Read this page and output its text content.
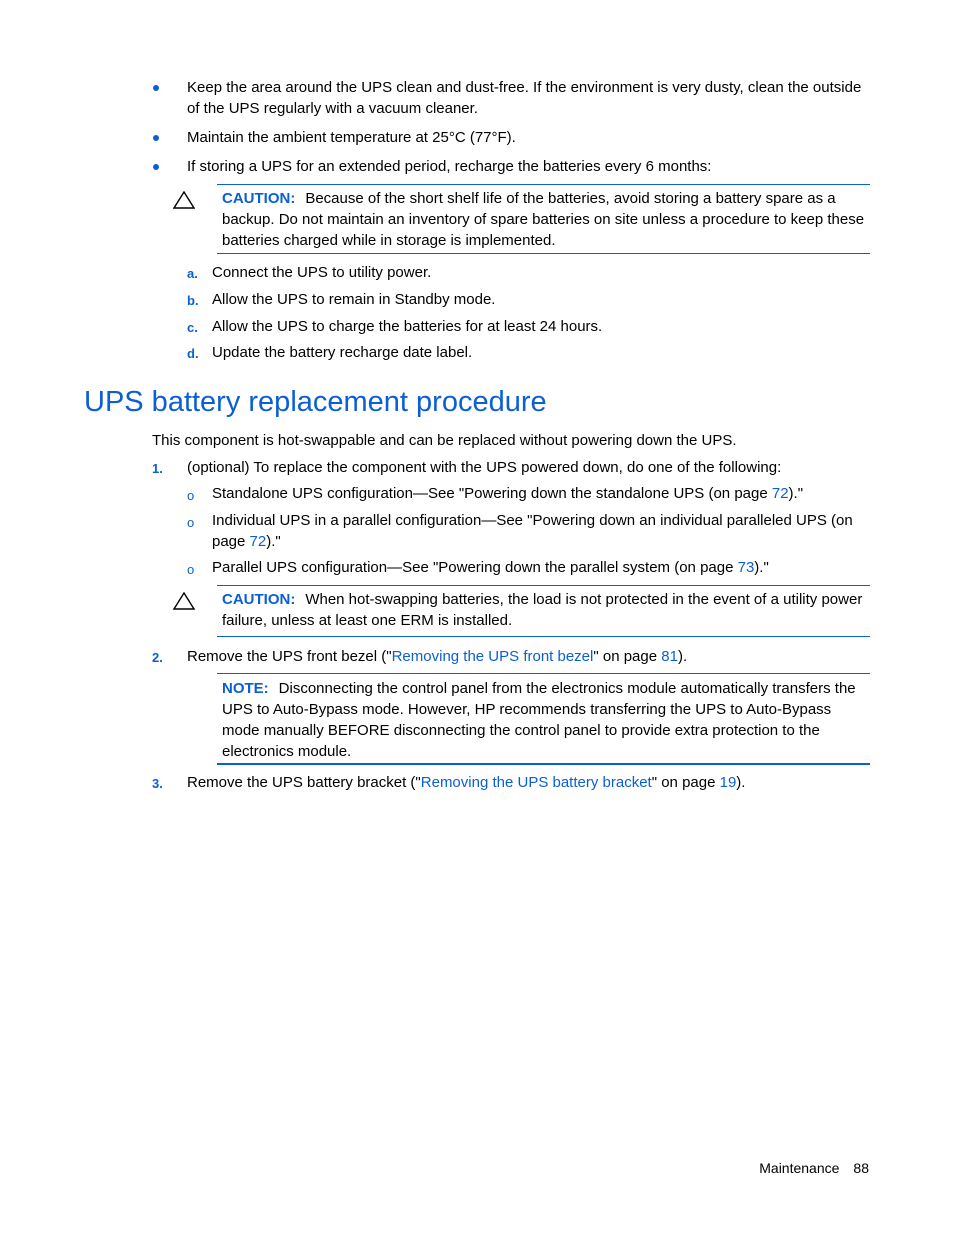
Keep the area around the UPS clean and dust-free. If the environment is very dusty, clean the outside of the UPS regularly with a vacuum cleaner.
Maintain the ambient temperature at 25°C (77°F).
If storing a UPS for an extended period, recharge the batteries every 6 months:
CAUTION: Because of the short shelf life of the batteries, avoid storing a battery spare as a backup. Do not maintain an inventory of spare batteries on site unless a procedure to keep these batteries charged while in storage is implemented.
a. Connect the UPS to utility power.
b. Allow the UPS to remain in Standby mode.
c. Allow the UPS to charge the batteries for at least 24 hours.
d. Update the battery recharge date label.
UPS battery replacement procedure
This component is hot-swappable and can be replaced without powering down the UPS.
1. (optional) To replace the component with the UPS powered down, do one of the following:
o Standalone UPS configuration—See "Powering down the standalone UPS (on page 72)."
o Individual UPS in a parallel configuration—See "Powering down an individual paralleled UPS (on page 72)."
o Parallel UPS configuration—See "Powering down the parallel system (on page 73)."
CAUTION: When hot-swapping batteries, the load is not protected in the event of a utility power failure, unless at least one ERM is installed.
2. Remove the UPS front bezel ("Removing the UPS front bezel" on page 81).
NOTE: Disconnecting the control panel from the electronics module automatically transfers the UPS to Auto-Bypass mode. However, HP recommends transferring the UPS to Auto-Bypass mode manually BEFORE disconnecting the control panel to provide extra protection to the electronics module.
3. Remove the UPS battery bracket ("Removing the UPS battery bracket" on page 19).
Maintenance 88
